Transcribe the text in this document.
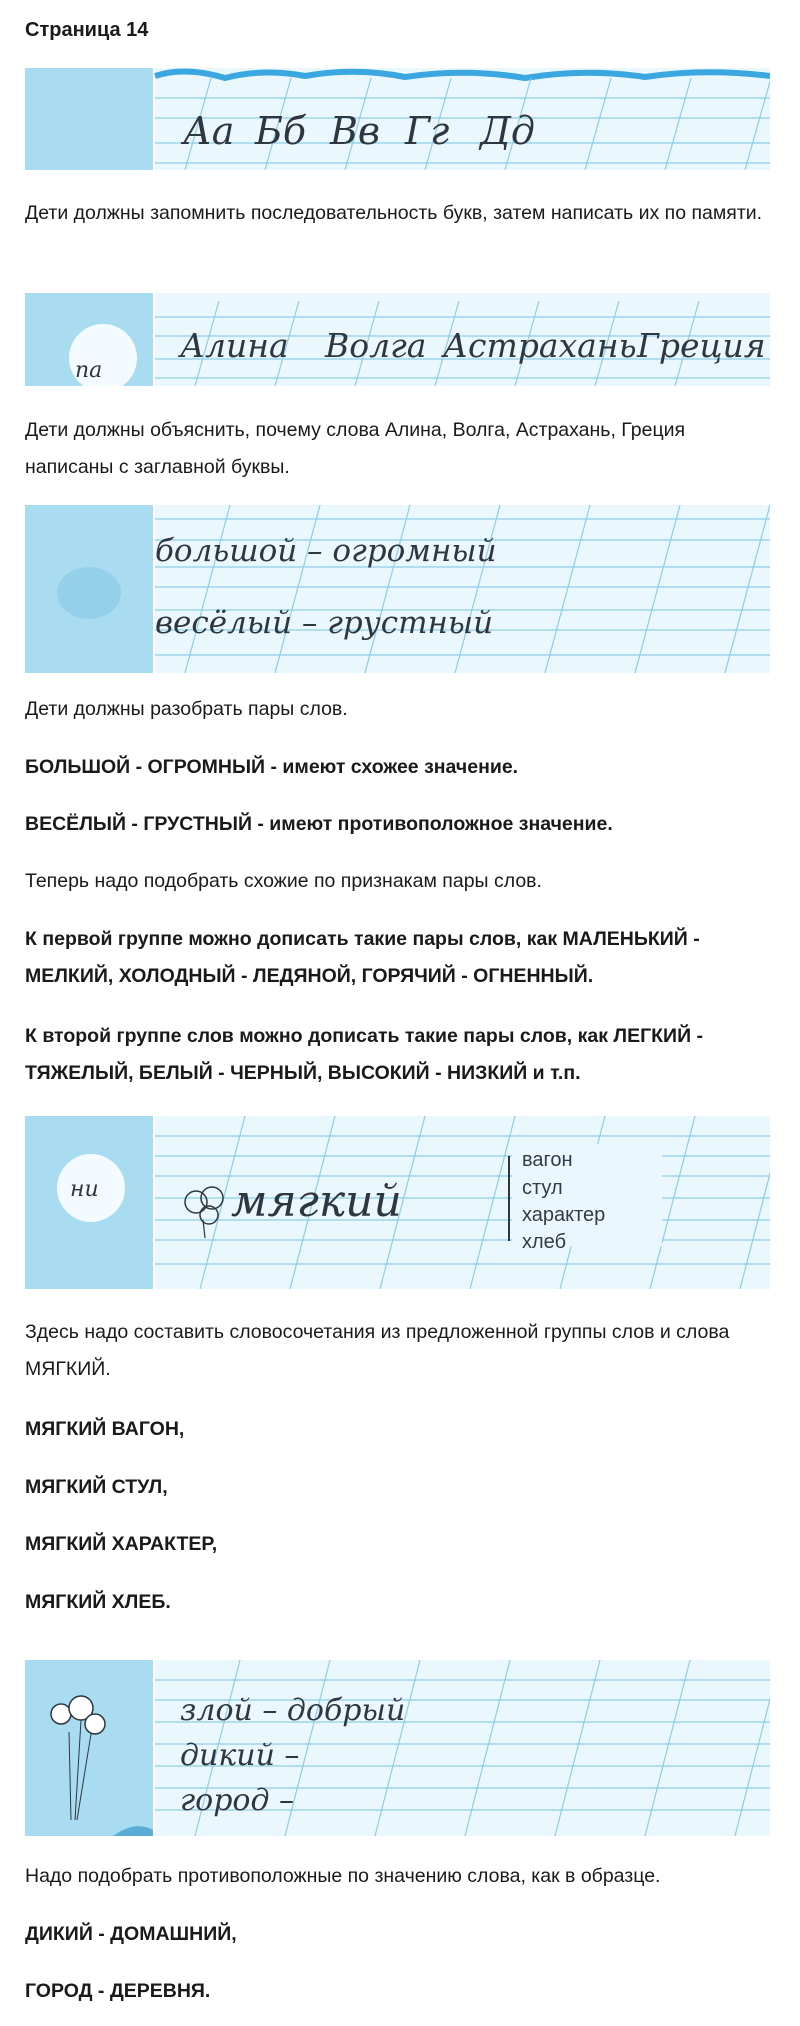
Страница 14
Аа Бб Вв Гг Дд
Дети должны запомнить последовательность букв, затем написать их по памяти.
па
Алина Волга Астрахань Греция
Дети должны объяснить, почему слова Алина, Волга, Астрахань, Греция написаны с заглавной буквы.
большой – огромный
весёлый – грустный
Дети должны разобрать пары слов.
БОЛЬШОЙ - ОГРОМНЫЙ - имеют схожее значение.
ВЕСЁЛЫЙ - ГРУСТНЫЙ - имеют противоположное значение.
Теперь надо подобрать схожие по признакам пары слов.
К первой группе можно дописать такие пары слов, как МАЛЕНЬКИЙ - МЕЛКИЙ, ХОЛОДНЫЙ - ЛЕДЯНОЙ, ГОРЯЧИЙ - ОГНЕННЫЙ.
К второй группе слов можно дописать такие пары слов, как ЛЕГКИЙ - ТЯЖЕЛЫЙ, БЕЛЫЙ - ЧЕРНЫЙ, ВЫСОКИЙ - НИЗКИЙ и т.п.
ни	мягкий
вагон
стул
характер
хлеб
Здесь надо составить словосочетания из предложенной группы слов и слова МЯГКИЙ.
МЯГКИЙ ВАГОН,
МЯГКИЙ СТУЛ,
МЯГКИЙ ХАРАКТЕР,
МЯГКИЙ ХЛЕБ.
злой – добрый
дикий –
город –
Надо подобрать противоположные по значению слова, как в образце.
ДИКИЙ - ДОМАШНИЙ,
ГОРОД - ДЕРЕВНЯ.
